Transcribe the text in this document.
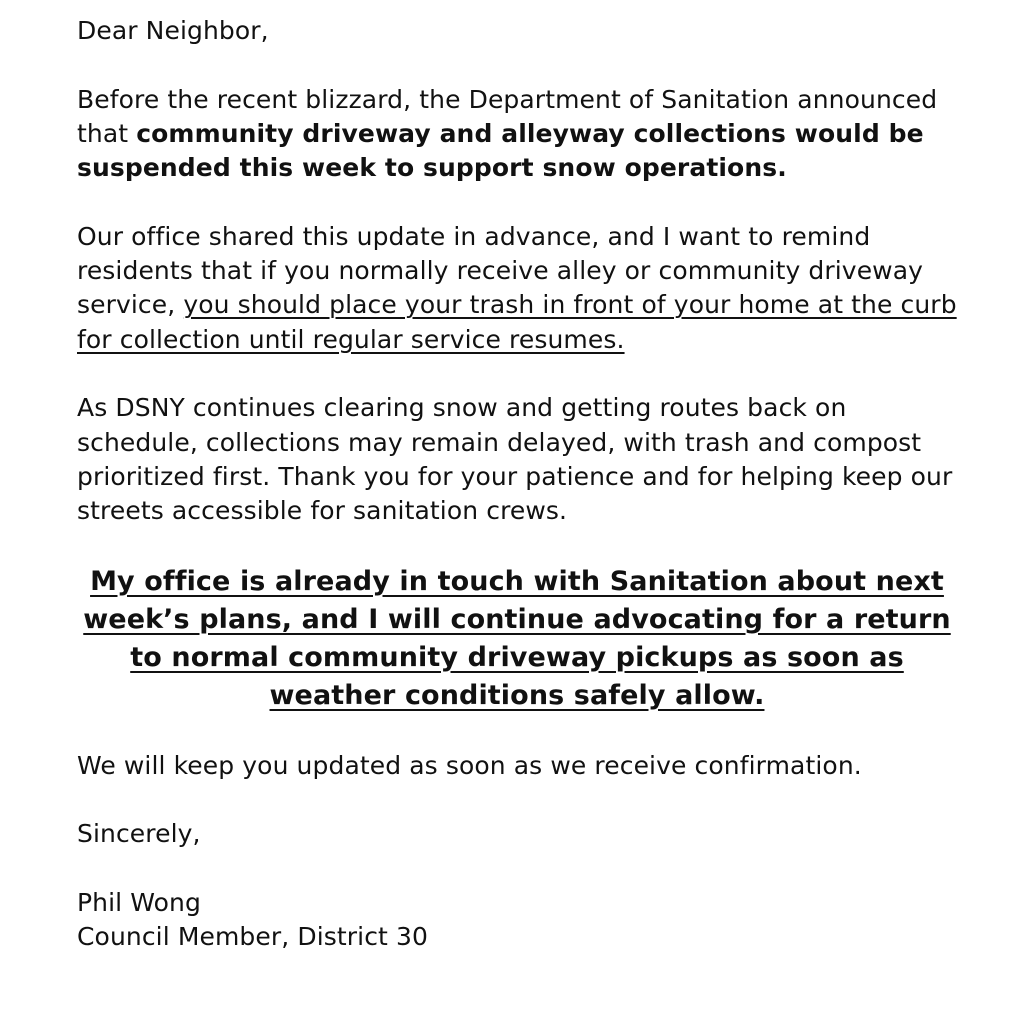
Dear Neighbor,

Before the recent blizzard, the Department of Sanitation announced that community driveway and alleyway collections would be suspended this week to support snow operations.

Our office shared this update in advance, and I want to remind residents that if you normally receive alley or community driveway service, you should place your trash in front of your home at the curb for collection until regular service resumes.

As DSNY continues clearing snow and getting routes back on schedule, collections may remain delayed, with trash and compost prioritized first. Thank you for your patience and for helping keep our streets accessible for sanitation crews.

My office is already in touch with Sanitation about next week’s plans, and I will continue advocating for a return to normal community driveway pickups as soon as weather conditions safely allow.

We will keep you updated as soon as we receive confirmation.

Sincerely,

Phil Wong
Council Member, District 30
